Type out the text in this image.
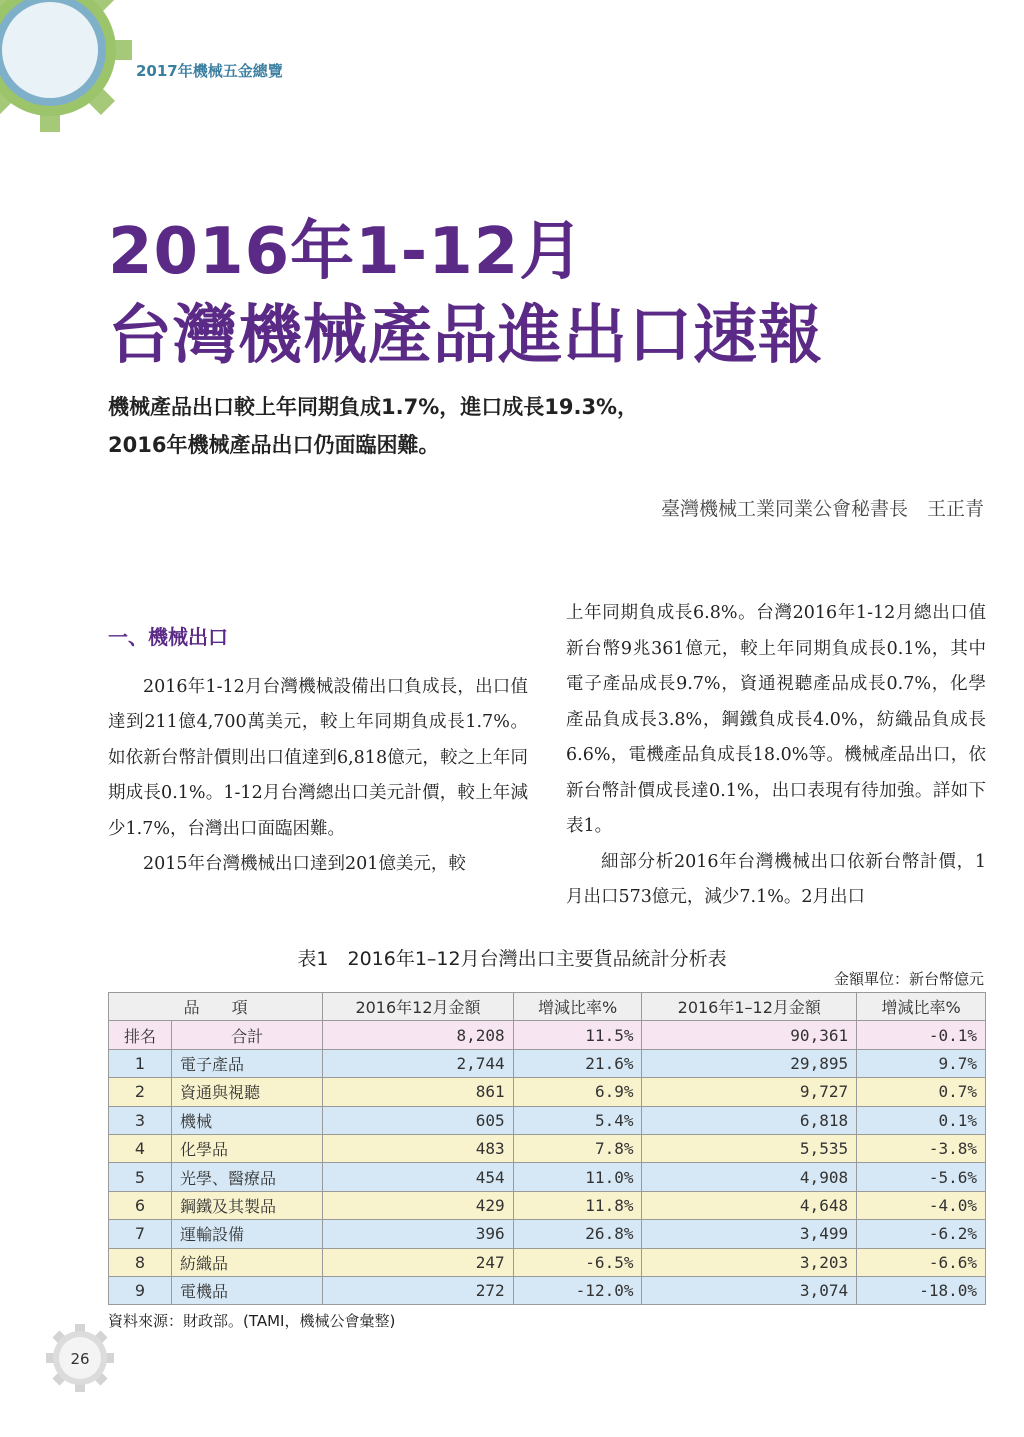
2017年機械五金總覽
2016年1-12月
台灣機械產品進出口速報
機械產品出口較上年同期負成1.7%，進口成長19.3%，
2016年機械產品出口仍面臨困難。
臺灣機械工業同業公會秘書長　王正青
一、機械出口

2016年1-12月台灣機械設備出口負成長，出口值達到211億4,700萬美元，較上年同期負成長1.7%。如依新台幣計價則出口值達到6,818億元，較之上年同期成長0.1%。1-12月台灣總出口美元計價，較上年減少1.7%，台灣出口面臨困難。

2015年台灣機械出口達到201億美元，較

上年同期負成長6.8%。台灣2016年1-12月總出口值新台幣9兆361億元，較上年同期負成長0.1%，其中電子產品成長9.7%，資通視聽產品成長0.7%，化學產品負成長3.8%，鋼鐵負成長4.0%，紡織品負成長6.6%，電機產品負成長18.0%等。機械產品出口，依新台幣計價成長達0.1%，出口表現有待加強。詳如下表1。

細部分析2016年台灣機械出口依新台幣計價，1月出口573億元，減少7.1%。2月出口

表1　2016年1–12月台灣出口主要貨品統計分析表
金額單位：新台幣億元
品　　項		2016年12月金額	增減比率%	2016年1–12月金額	增減比率%
排名	合計	8,208	11.5%	90,361	-0.1%
1	電子產品	2,744	21.6%	29,895	9.7%
2	資通與視聽	861	6.9%	9,727	0.7%
3	機械	605	5.4%	6,818	0.1%
4	化學品	483	7.8%	5,535	-3.8%
5	光學、醫療品	454	11.0%	4,908	-5.6%
6	鋼鐵及其製品	429	11.8%	4,648	-4.0%
7	運輸設備	396	26.8%	3,499	-6.2%
8	紡織品	247	-6.5%	3,203	-6.6%
9	電機品	272	-12.0%	3,074	-18.0%
資料來源：財政部。(TAMI，機械公會彙整)
26
